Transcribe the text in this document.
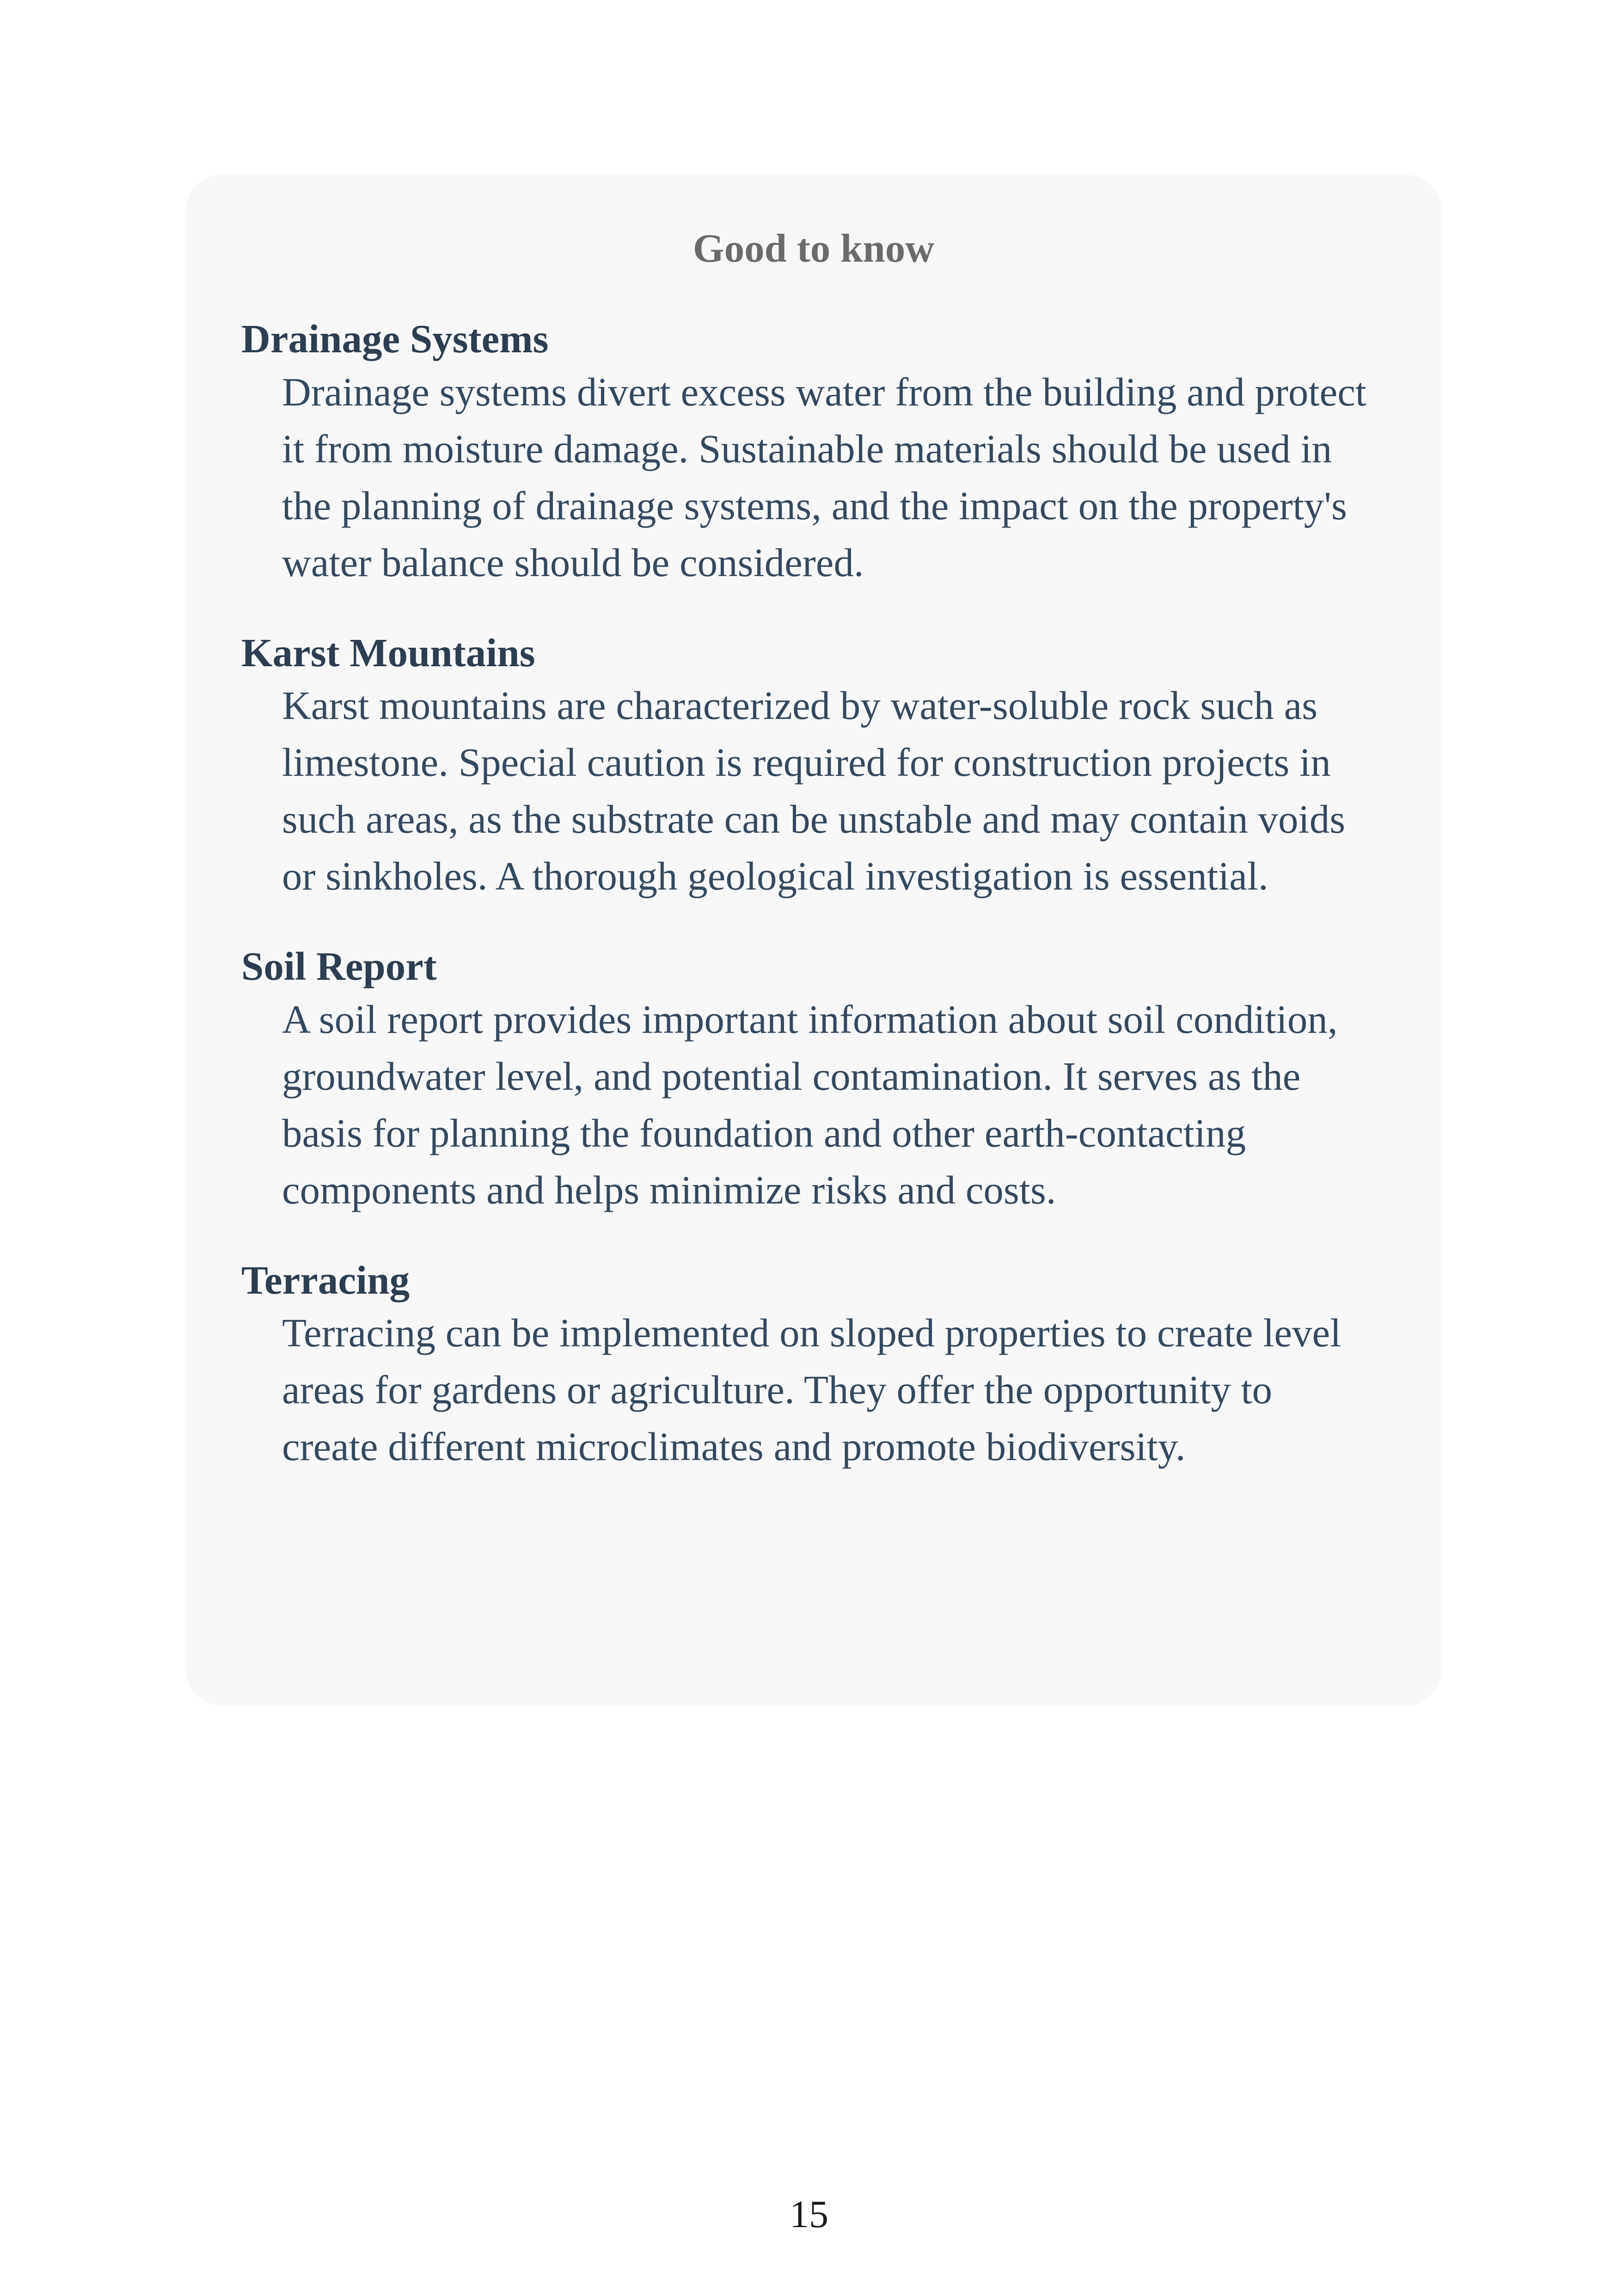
Good to know
Drainage Systems

Drainage systems divert excess water from the building and protect it from moisture damage. Sustainable materials should be used in the planning of drainage systems, and the impact on the property's water balance should be considered.

Karst Mountains

Karst mountains are characterized by water-soluble rock such as limestone. Special caution is required for construction projects in such areas, as the substrate can be unstable and may contain voids or sinkholes. A thorough geological investigation is essential.

Soil Report

A soil report provides important information about soil condition, groundwater level, and potential contamination. It serves as the basis for planning the foundation and other earth-contacting components and helps minimize risks and costs.

Terracing

Terracing can be implemented on sloped properties to create level areas for gardens or agriculture. They offer the opportunity to create different microclimates and promote biodiversity.

15
